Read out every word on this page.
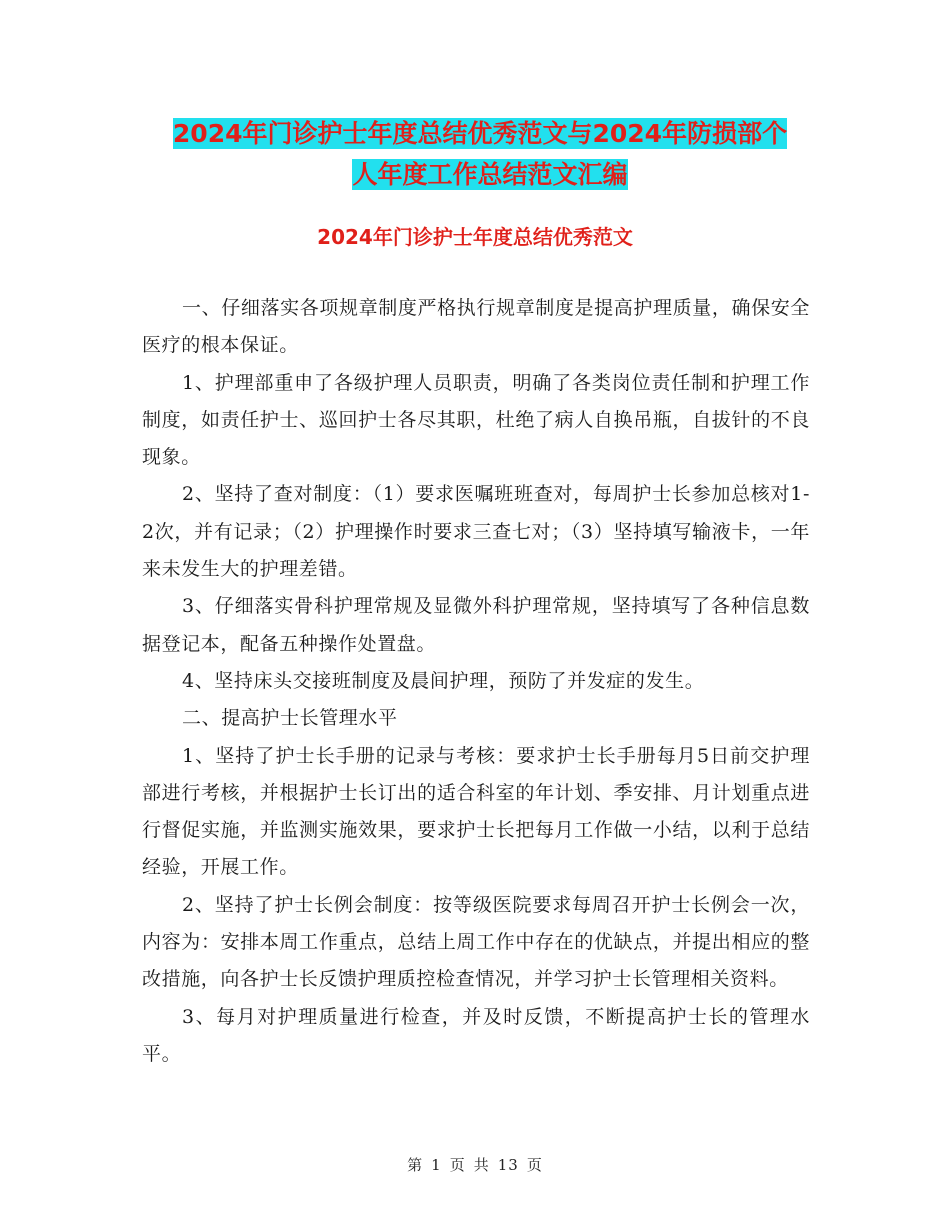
2024年门诊护士年度总结优秀范文与2024年防损部个
人年度工作总结范文汇编
2024年门诊护士年度总结优秀范文

一、仔细落实各项规章制度严格执行规章制度是提高护理质量，确保安全医疗的根本保证。

1、护理部重申了各级护理人员职责，明确了各类岗位责任制和护理工作制度，如责任护士、巡回护士各尽其职，杜绝了病人自换吊瓶，自拔针的不良现象。

2、坚持了查对制度：（1）要求医嘱班班查对，每周护士长参加总核对1-2次，并有记录；（2）护理操作时要求三查七对；（3）坚持填写输液卡，一年来未发生大的护理差错。

3、仔细落实骨科护理常规及显微外科护理常规，坚持填写了各种信息数据登记本，配备五种操作处置盘。

4、坚持床头交接班制度及晨间护理，预防了并发症的发生。

二、提高护士长管理水平

1、坚持了护士长手册的记录与考核：要求护士长手册每月5日前交护理部进行考核，并根据护士长订出的适合科室的年计划、季安排、月计划重点进行督促实施，并监测实施效果，要求护士长把每月工作做一小结，以利于总结经验，开展工作。

2、坚持了护士长例会制度：按等级医院要求每周召开护士长例会一次，内容为：安排本周工作重点，总结上周工作中存在的优缺点，并提出相应的整改措施，向各护士长反馈护理质控检查情况，并学习护士长管理相关资料。

3、每月对护理质量进行检查，并及时反馈，不断提高护士长的管理水平。

第 1 页 共 13 页
